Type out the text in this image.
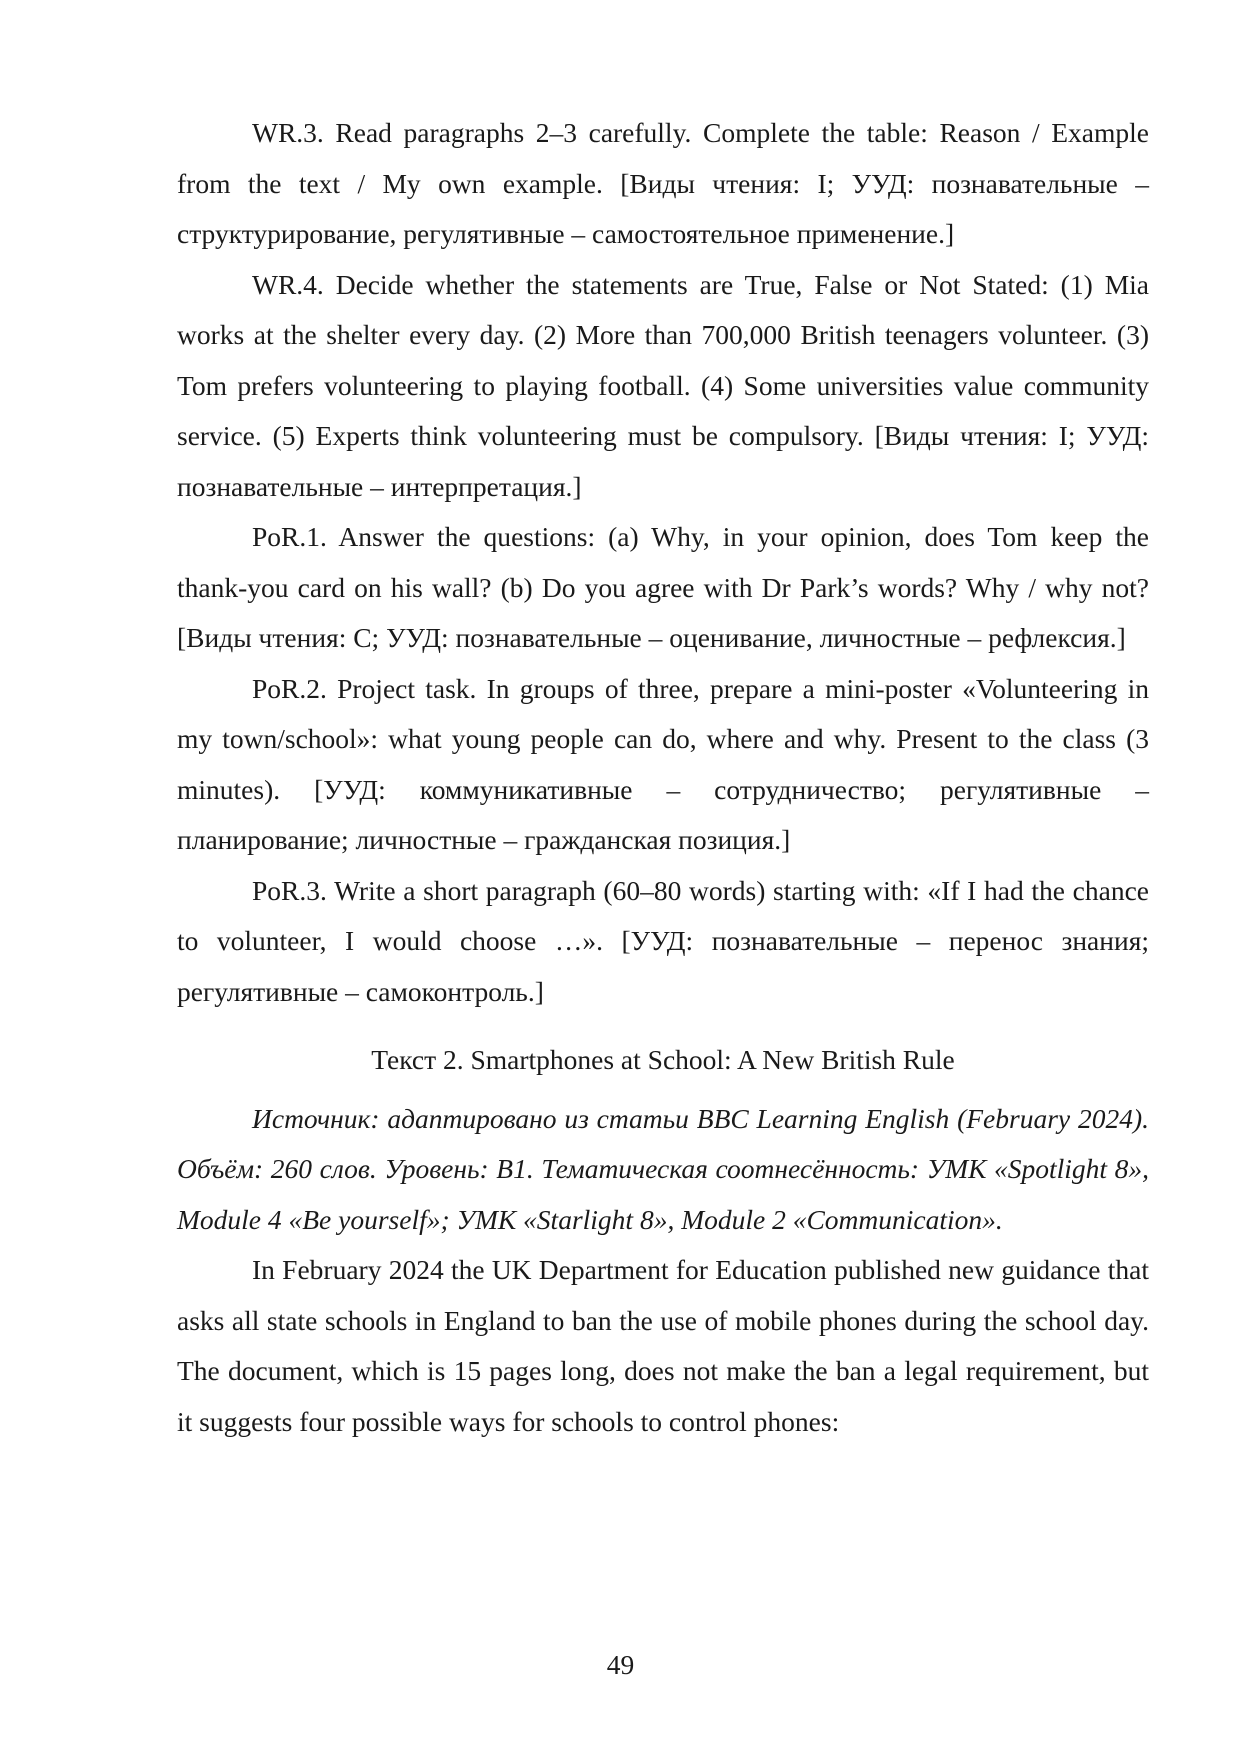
WR.3. Read paragraphs 2–3 carefully. Complete the table: Reason / Example from the text / My own example. [Виды чтения: I; УУД: познавательные – структурирование, регулятивные – самостоятельное применение.]

WR.4. Decide whether the statements are True, False or Not Stated: (1) Mia works at the shelter every day. (2) More than 700,000 British teenagers volunteer. (3) Tom prefers volunteering to playing football. (4) Some universities value community service. (5) Experts think volunteering must be compulsory. [Виды чтения: I; УУД: познавательные – интерпретация.]

PoR.1. Answer the questions: (a) Why, in your opinion, does Tom keep the thank-you card on his wall? (b) Do you agree with Dr Park’s words? Why / why not? [Виды чтения: C; УУД: познавательные – оценивание, личностные – рефлексия.]

PoR.2. Project task. In groups of three, prepare a mini-poster «Volunteering in my town/school»: what young people can do, where and why. Present to the class (3 minutes). [УУД: коммуникативные – сотрудничество; регулятивные – планирование; личностные – гражданская позиция.]

PoR.3. Write a short paragraph (60–80 words) starting with: «If I had the chance to volunteer, I would choose …». [УУД: познавательные – перенос знания; регулятивные – самоконтроль.]

Текст 2. Smartphones at School: A New British Rule

Источник: адаптировано из статьи BBC Learning English (February 2024). Объём: 260 слов. Уровень: B1. Тематическая соотнесённость: УМК «Spotlight 8», Module 4 «Be yourself»; УМК «Starlight 8», Module 2 «Communication».

In February 2024 the UK Department for Education published new guidance that asks all state schools in England to ban the use of mobile phones during the school day. The document, which is 15 pages long, does not make the ban a legal requirement, but it suggests four possible ways for schools to control phones:

49
